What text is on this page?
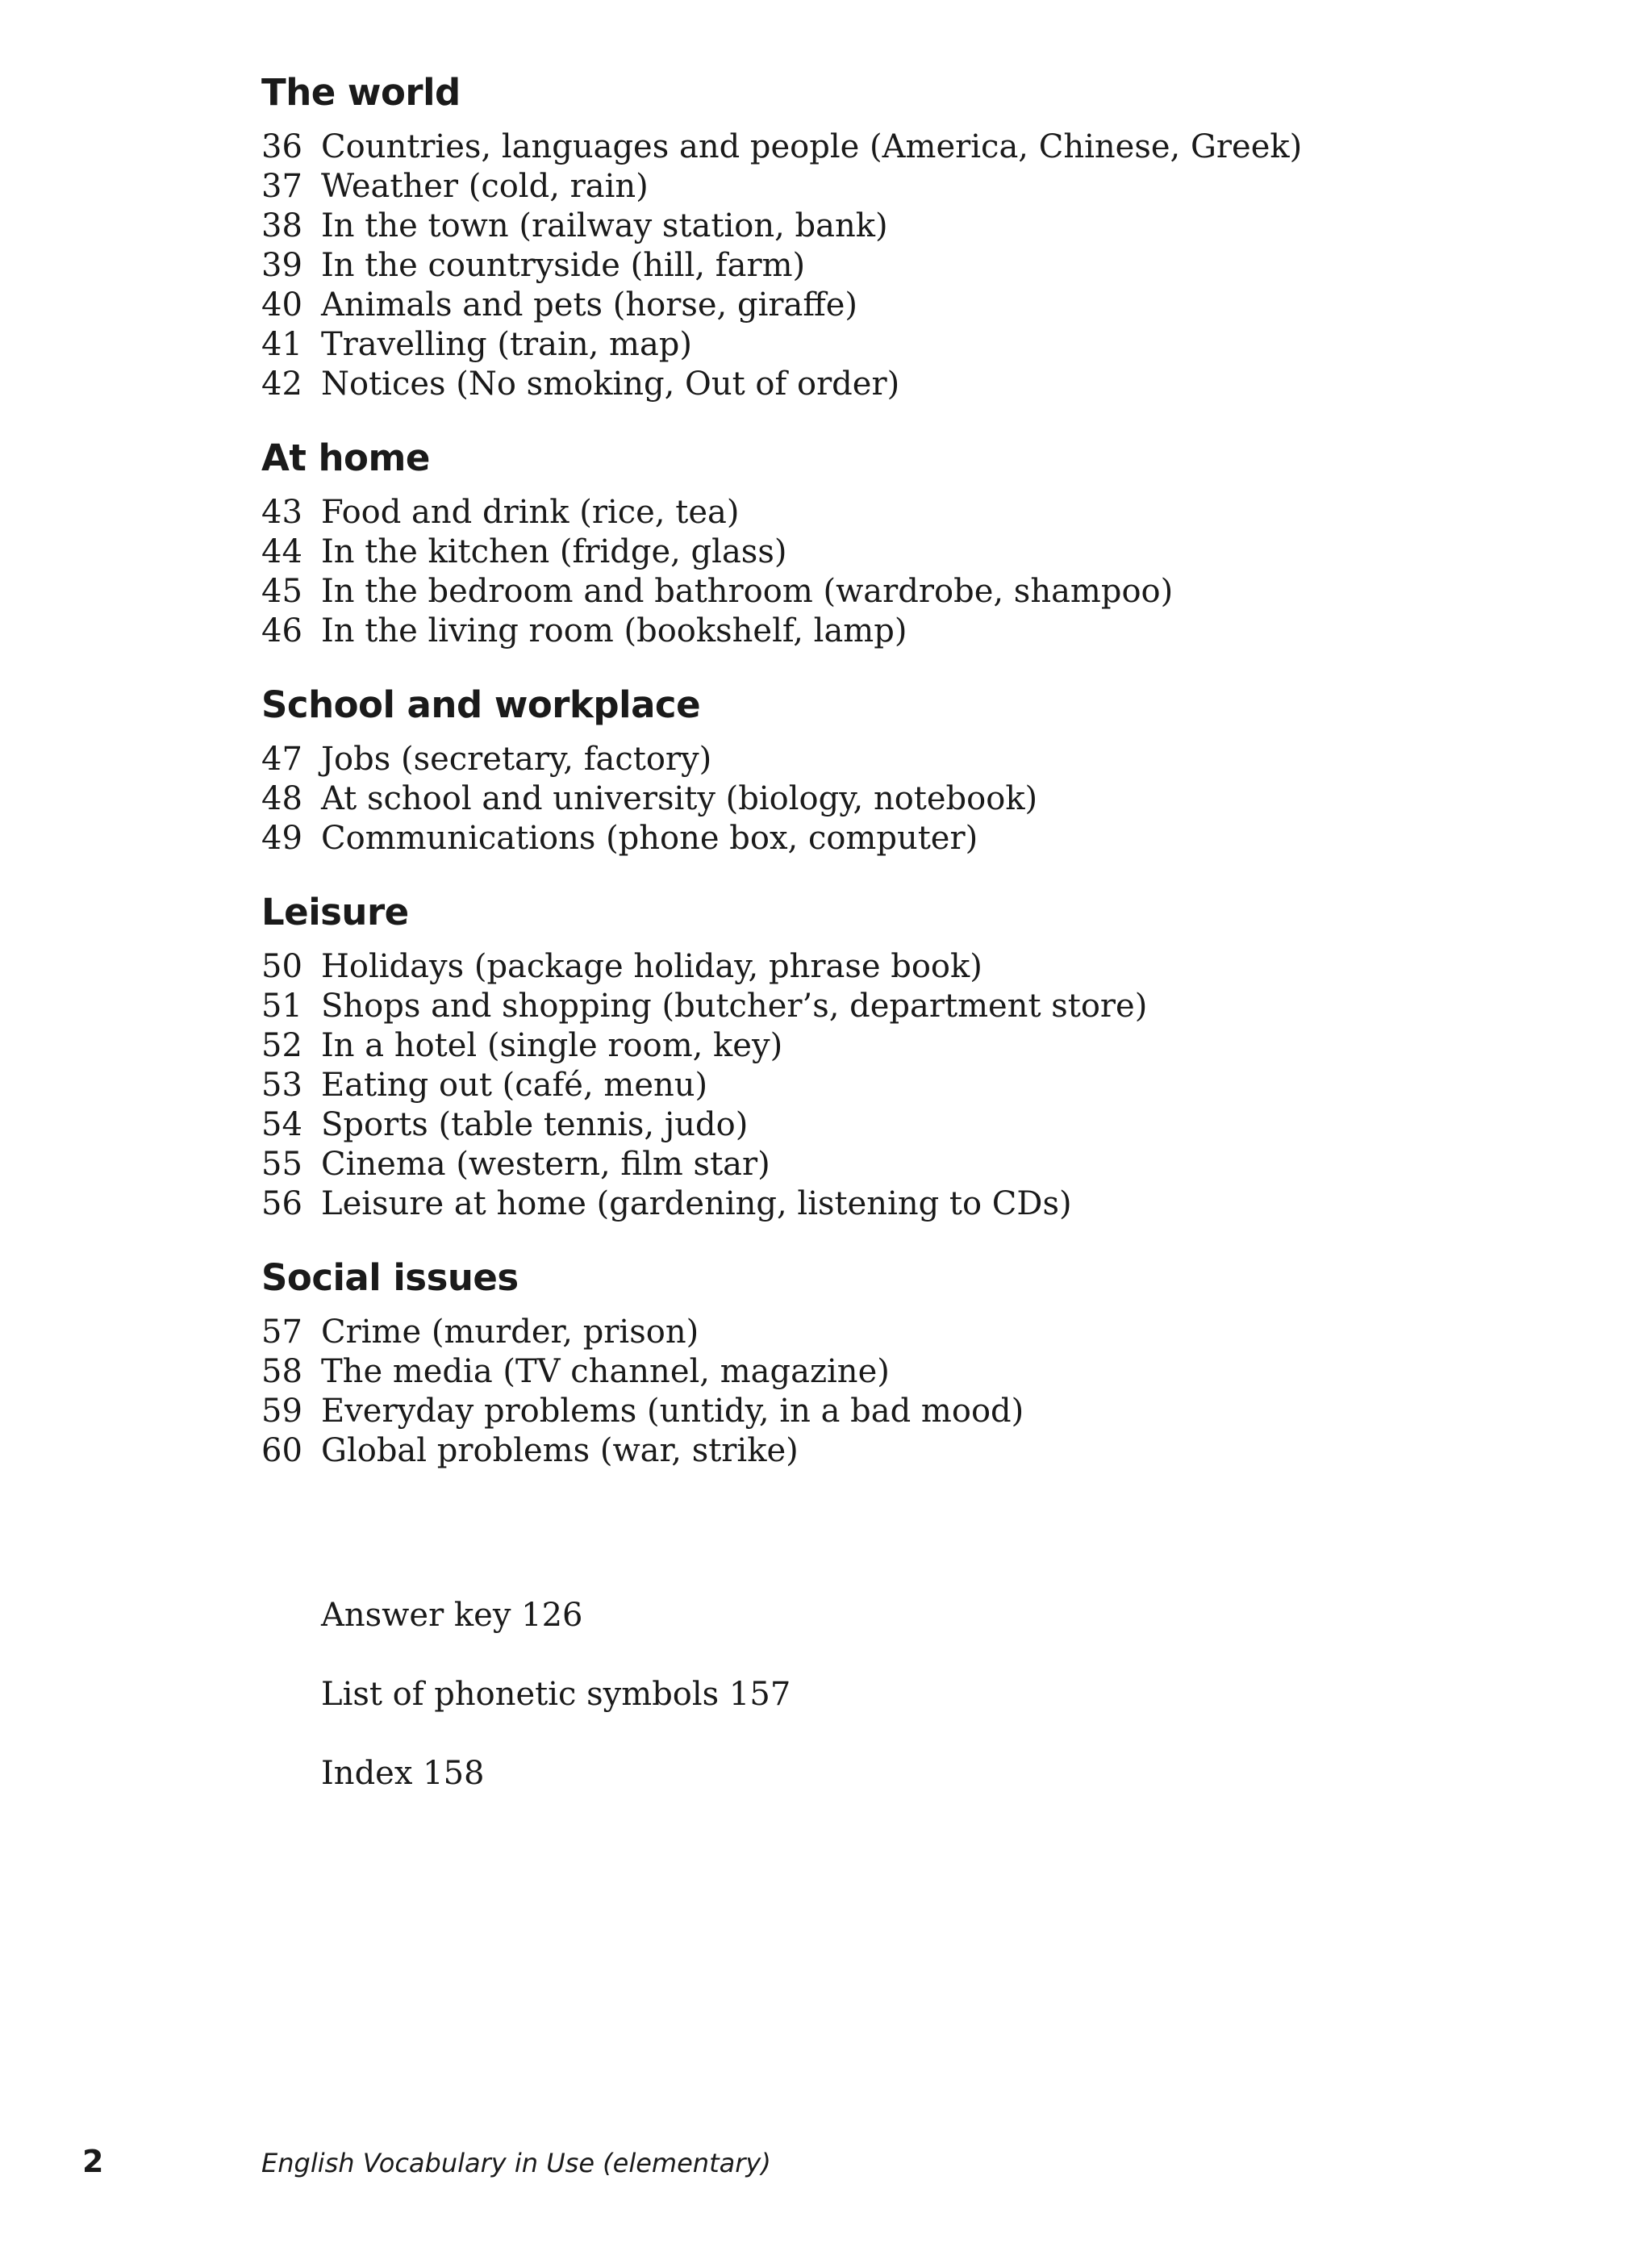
The world
36 Countries, languages and people (America, Chinese, Greek)
37 Weather (cold, rain)
38 In the town (railway station, bank)
39 In the countryside (hill, farm)
40 Animals and pets (horse, giraffe)
41 Travelling (train, map)
42 Notices (No smoking, Out of order)
At home
43 Food and drink (rice, tea)
44 In the kitchen (fridge, glass)
45 In the bedroom and bathroom (wardrobe, shampoo)
46 In the living room (bookshelf, lamp)
School and workplace
47 Jobs (secretary, factory)
48 At school and university (biology, notebook)
49 Communications (phone box, computer)
Leisure
50 Holidays (package holiday, phrase book)
51 Shops and shopping (butcher’s, department store)
52 In a hotel (single room, key)
53 Eating out (café, menu)
54 Sports (table tennis, judo)
55 Cinema (western, film star)
56 Leisure at home (gardening, listening to CDs)
Social issues
57 Crime (murder, prison)
58 The media (TV channel, magazine)
59 Everyday problems (untidy, in a bad mood)
60 Global problems (war, strike)
Answer key 126
List of phonetic symbols 157
Index 158
2	English Vocabulary in Use (elementary)
